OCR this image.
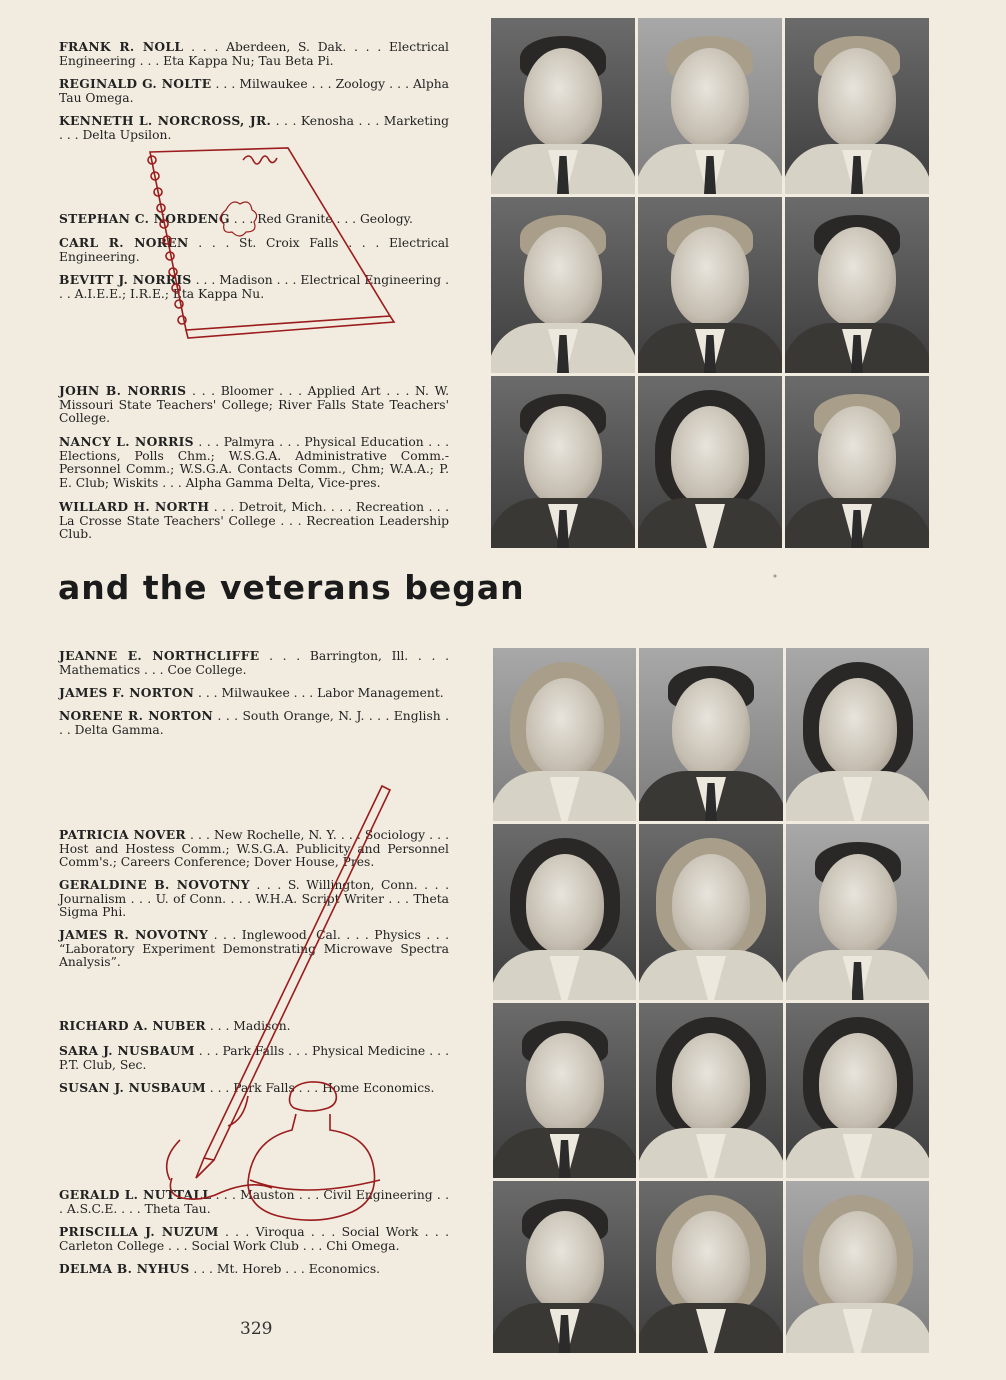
FRANK R. NOLL . . . Aberdeen, S. Dak. . . . Electrical Engineering . . . Eta Kappa Nu; Tau Beta Pi.
REGINALD G. NOLTE . . . Milwaukee . . . Zoology . . . Alpha Tau Omega.
KENNETH L. NORCROSS, JR. . . . Kenosha . . . Marketing . . . Delta Upsilon.
STEPHAN C. NORDENG . . . Red Granite . . . Geology.
CARL R. NOREN . . . St. Croix Falls . . . Electrical Engineering.
BEVITT J. NORRIS . . . Madison . . . Electrical Engineering . . . A.I.E.E.; I.R.E.; Eta Kappa Nu.
JOHN B. NORRIS . . . Bloomer . . . Applied Art . . . N. W. Missouri State Teachers' College; River Falls State Teachers' College.
NANCY L. NORRIS . . . Palmyra . . . Physical Education . . . Elections, Polls Chm.; W.S.G.A. Administrative Comm.-Personnel Comm.; W.S.G.A. Contacts Comm., Chm; W.A.A.; P. E. Club; Wiskits . . . Alpha Gamma Delta, Vice-pres.
WILLARD H. NORTH . . . Detroit, Mich. . . . Recreation . . . La Crosse State Teachers' College . . . Recreation Leadership Club.
and the veterans began
JEANNE E. NORTHCLIFFE . . . Barrington, Ill. . . . Mathematics . . . Coe College.
JAMES F. NORTON . . . Milwaukee . . . Labor Management.
NORENE R. NORTON . . . South Orange, N. J. . . . English . . . Delta Gamma.
PATRICIA NOVER . . . New Rochelle, N. Y. . . . Sociology . . . Host and Hostess Comm.; W.S.G.A. Publicity and Personnel Comm's.; Careers Conference; Dover House, Pres.
GERALDINE B. NOVOTNY . . . S. Willington, Conn. . . . Journalism . . . U. of Conn. . . . W.H.A. Script Writer . . . Theta Sigma Phi.
JAMES R. NOVOTNY . . . Inglewood, Cal. . . . Physics . . . “Laboratory Experiment Demonstrating Microwave Spectra Analysis”.
RICHARD A. NUBER . . . Madison.
SARA J. NUSBAUM . . . Park Falls . . . Physical Medicine . . . P.T. Club, Sec.
SUSAN J. NUSBAUM . . . Park Falls . . . Home Economics.
GERALD L. NUTTALL . . . Mauston . . . Civil Engineering . . . A.S.C.E. . . . Theta Tau.
PRISCILLA J. NUZUM . . . Viroqua . . . Social Work . . . Carleton College . . . Social Work Club . . . Chi Omega.
DELMA B. NYHUS . . . Mt. Horeb . . . Economics.
329
